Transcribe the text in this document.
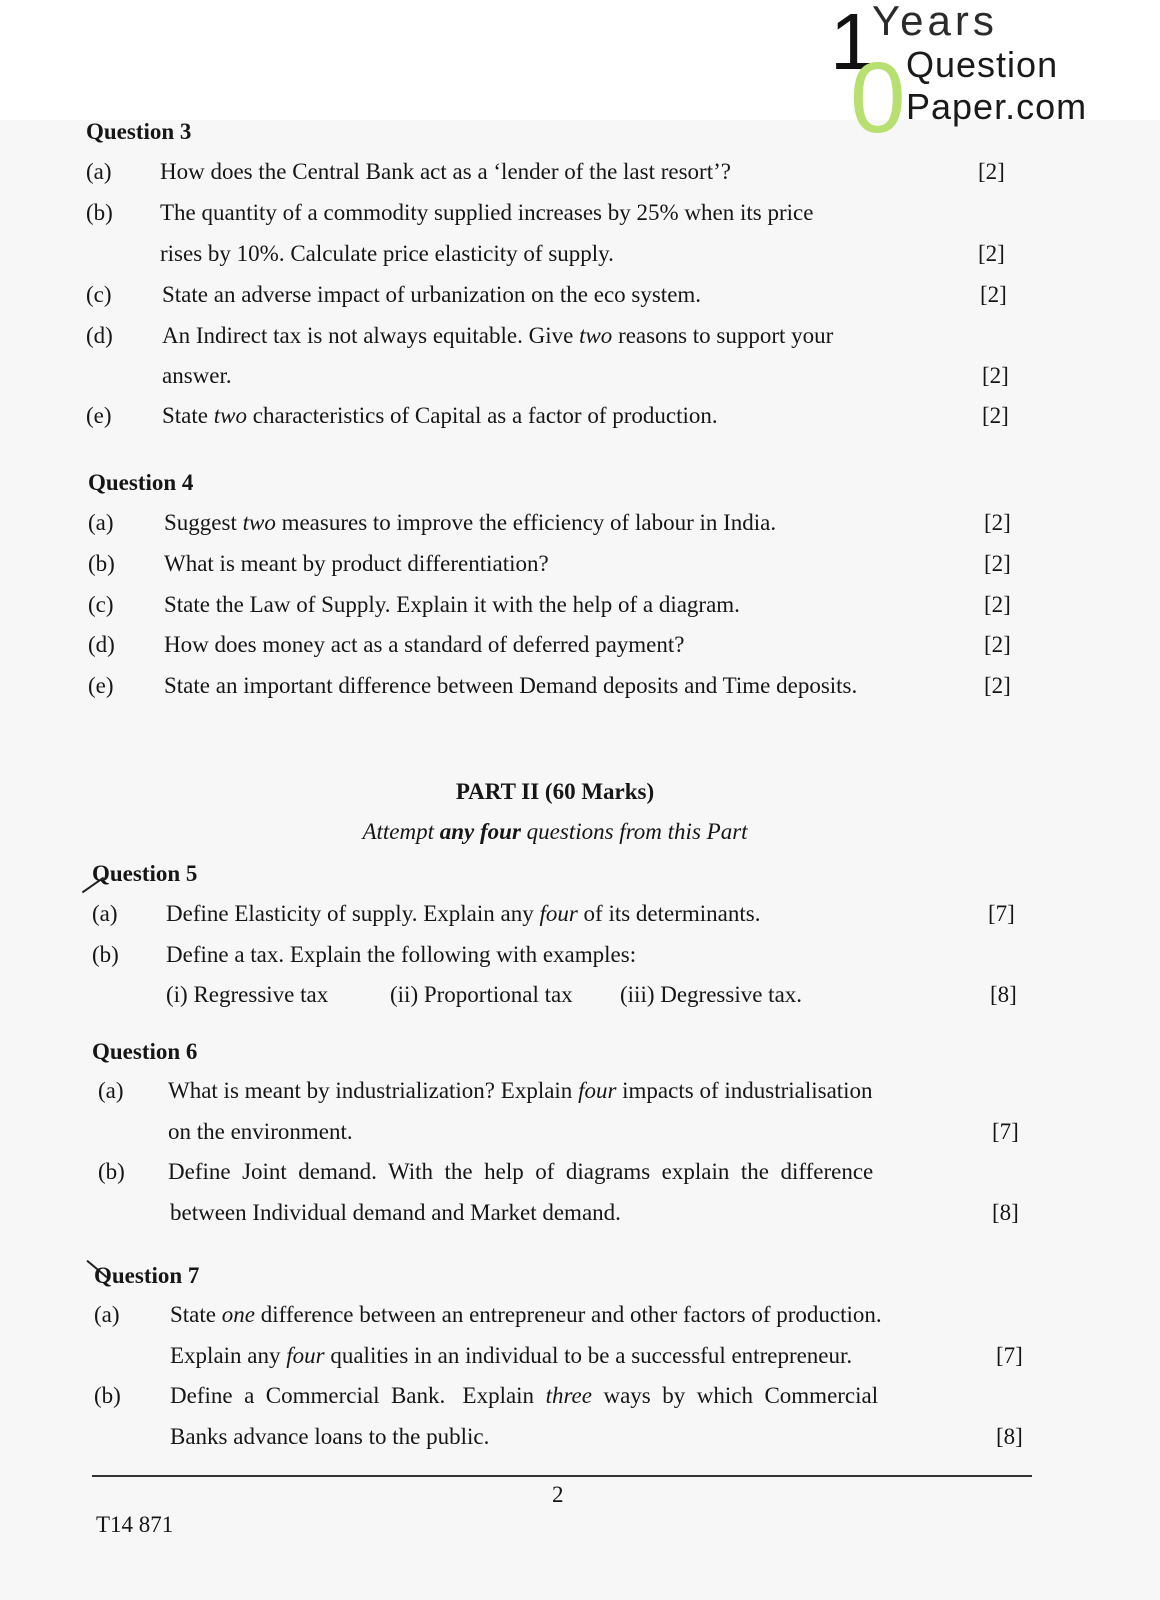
1
0
Years
Question
Paper.com
Question 3
(a) How does the Central Bank act as a ‘lender of the last resort’?	[2]
(b) The quantity of a commodity supplied increases by 25% when its price
rises by 10%. Calculate price elasticity of supply.	[2]
(c) State an adverse impact of urbanization on the eco system.	[2]
(d) An Indirect tax is not always equitable. Give two reasons to support your
answer.	[2]
(e) State two characteristics of Capital as a factor of production.	[2]
Question 4
(a) Suggest two measures to improve the efficiency of labour in India.	[2]
(b) What is meant by product differentiation?	[2]
(c) State the Law of Supply. Explain it with the help of a diagram.	[2]
(d) How does money act as a standard of deferred payment?	[2]
(e) State an important difference between Demand deposits and Time deposits.	[2]
PART II (60 Marks)
Attempt any four questions from this Part
Question 5
(a) Define Elasticity of supply. Explain any four of its determinants.	[7]
(b) Define a tax. Explain the following with examples:
(i) Regressive tax	(ii) Proportional tax (iii) Degressive tax.	[8]
Question 6
(a) What is meant by industrialization? Explain four impacts of industrialisation
on the environment.	[7]
(b) Define  Joint  demand.  With  the  help  of  diagrams  explain  the  difference
between Individual demand and Market demand.	[8]
Question 7
(a) State one difference between an entrepreneur and other factors of production.
Explain any four qualities in an individual to be a successful entrepreneur.	[7]
(b) Define  a  Commercial  Bank.   Explain  three  ways  by  which  Commercial
Banks advance loans to the public.	[8]
2
T14 871
